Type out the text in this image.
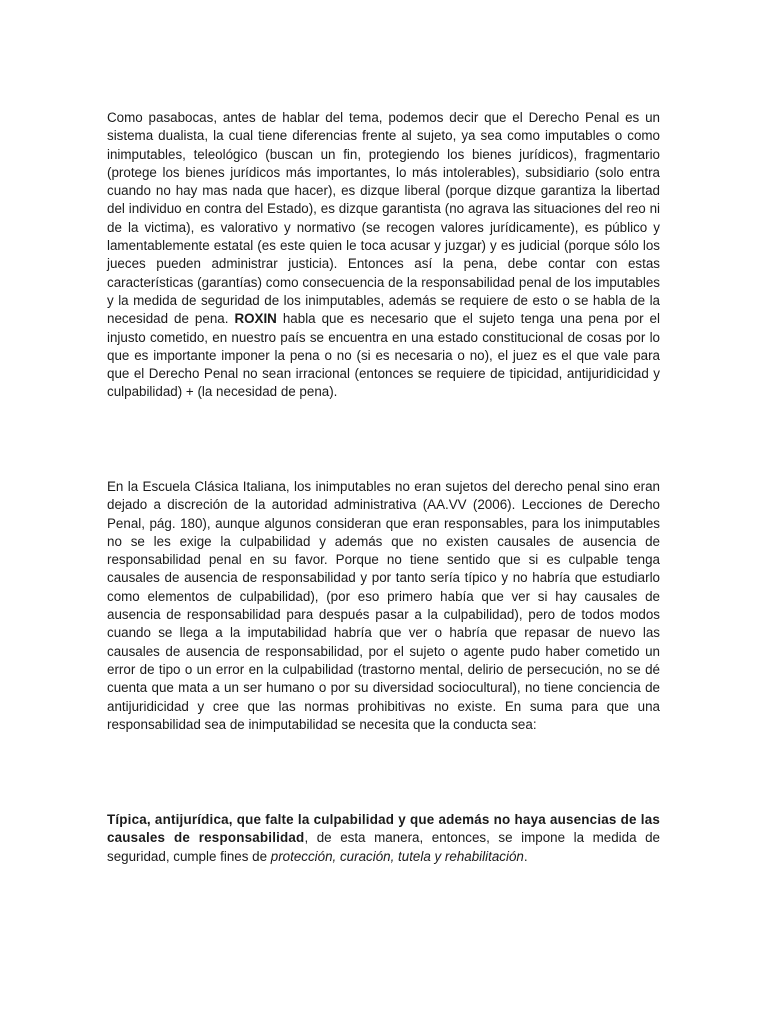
Como pasabocas, antes de hablar del tema, podemos decir que el Derecho Penal es un sistema dualista, la cual tiene diferencias frente al sujeto, ya sea como imputables o como inimputables, teleológico (buscan un fin, protegiendo los bienes jurídicos), fragmentario (protege los bienes jurídicos más importantes, lo más intolerables), subsidiario (solo entra cuando no hay mas nada que hacer), es dizque liberal (porque dizque garantiza la libertad del individuo en contra del Estado), es dizque garantista (no agrava las situaciones del reo ni de la victima), es valorativo y normativo (se recogen valores jurídicamente), es público y lamentablemente estatal (es este quien le toca acusar y juzgar) y es judicial (porque sólo los jueces pueden administrar justicia). Entonces así la pena, debe contar con estas características (garantías) como consecuencia de la responsabilidad penal de los imputables y la medida de seguridad de los inimputables, además se requiere de esto o se habla de la necesidad de pena. ROXIN habla que es necesario que el sujeto tenga una pena por el injusto cometido, en nuestro país se encuentra en una estado constitucional de cosas por lo que es importante imponer la pena o no (si es necesaria o no), el juez es el que vale para que el Derecho Penal no sean irracional (entonces se requiere de tipicidad, antijuridicidad y culpabilidad) + (la necesidad de pena).

En la Escuela Clásica Italiana, los inimputables no eran sujetos del derecho penal sino eran dejado a discreción de la autoridad administrativa (AA.VV (2006). Lecciones de Derecho Penal, pág. 180), aunque algunos consideran que eran responsables, para los inimputables no se les exige la culpabilidad y además que no existen causales de ausencia de responsabilidad penal en su favor. Porque no tiene sentido que si es culpable tenga causales de ausencia de responsabilidad y por tanto sería típico y no habría que estudiarlo como elementos de culpabilidad), (por eso primero había que ver si hay causales de ausencia de responsabilidad para después pasar a la culpabilidad), pero de todos modos cuando se llega a la imputabilidad habría que ver o habría que repasar de nuevo las causales de ausencia de responsabilidad, por el sujeto o agente pudo haber cometido un error de tipo o un error en la culpabilidad (trastorno mental, delirio de persecución, no se dé cuenta que mata a un ser humano o por su diversidad sociocultural), no tiene conciencia de antijuridicidad y cree que las normas prohibitivas no existe. En suma para que una responsabilidad sea de inimputabilidad se necesita que la conducta sea:

Típica, antijurídica, que falte la culpabilidad y que además no haya ausencias de las causales de responsabilidad, de esta manera, entonces, se impone la medida de seguridad, cumple fines de protección, curación, tutela y rehabilitación.
